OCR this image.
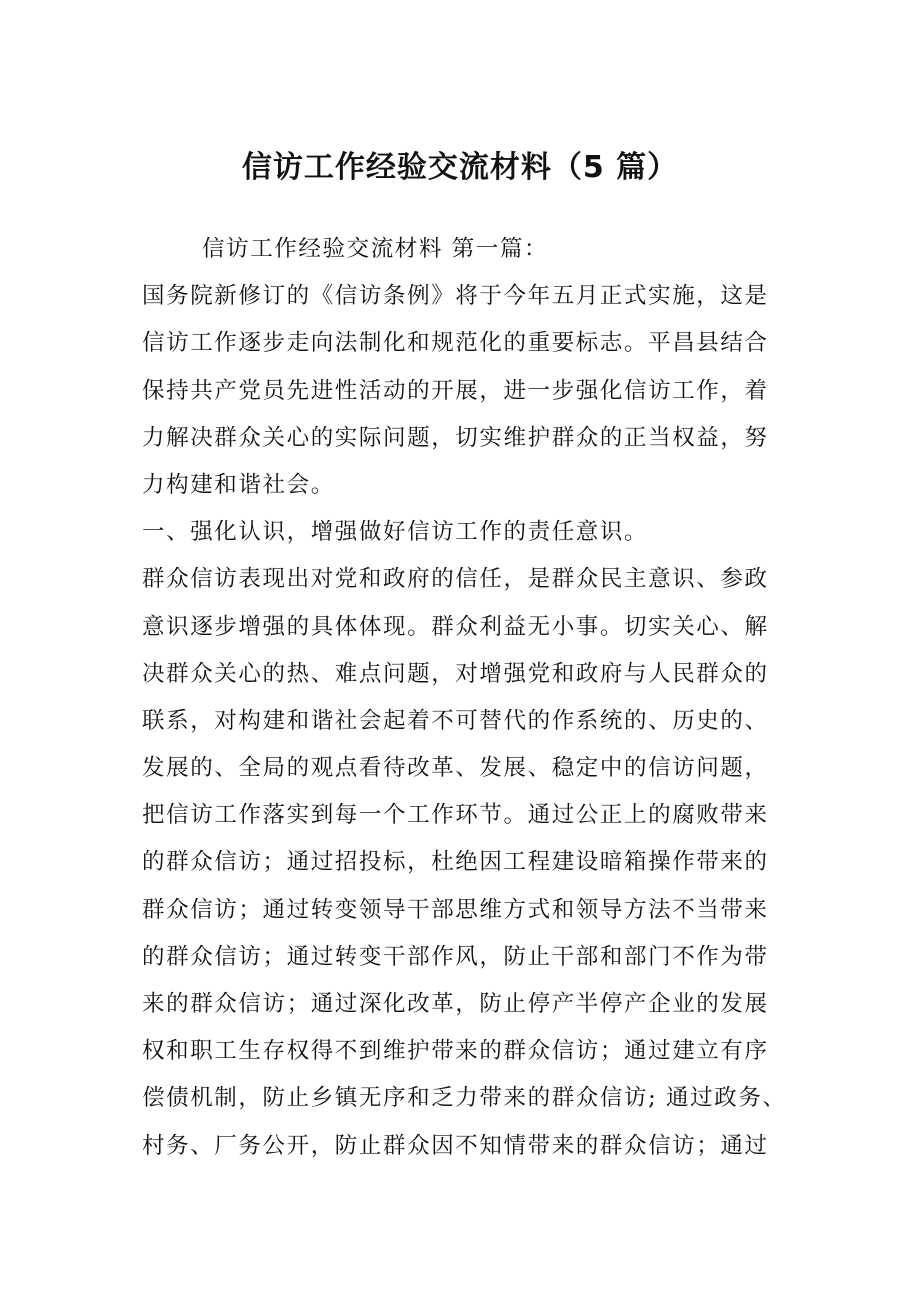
信访工作经验交流材料（5 篇）
信访工作经验交流材料 第一篇：
国务院新修订的《信访条例》将于今年五月正式实施，这是
信访工作逐步走向法制化和规范化的重要标志。平昌县结合
保持共产党员先进性活动的开展，进一步强化信访工作，着
力解决群众关心的实际问题，切实维护群众的正当权益，努
力构建和谐社会。
一、强化认识，增强做好信访工作的责任意识。
群众信访表现出对党和政府的信任，是群众民主意识、参政
意识逐步增强的具体体现。群众利益无小事。切实关心、解
决群众关心的热、难点问题，对增强党和政府与人民群众的
联系，对构建和谐社会起着不可替代的作系统的、历史的、
发展的、全局的观点看待改革、发展、稳定中的信访问题，
把信访工作落实到每一个工作环节。通过公正上的腐败带来
的群众信访；通过招投标，杜绝因工程建设暗箱操作带来的
群众信访；通过转变领导干部思维方式和领导方法不当带来
的群众信访；通过转变干部作风，防止干部和部门不作为带
来的群众信访；通过深化改革，防止停产半停产企业的发展
权和职工生存权得不到维护带来的群众信访；通过建立有序
偿债机制，防止乡镇无序和乏力带来的群众信访; 通过政务、
村务、厂务公开，防止群众因不知情带来的群众信访；通过
